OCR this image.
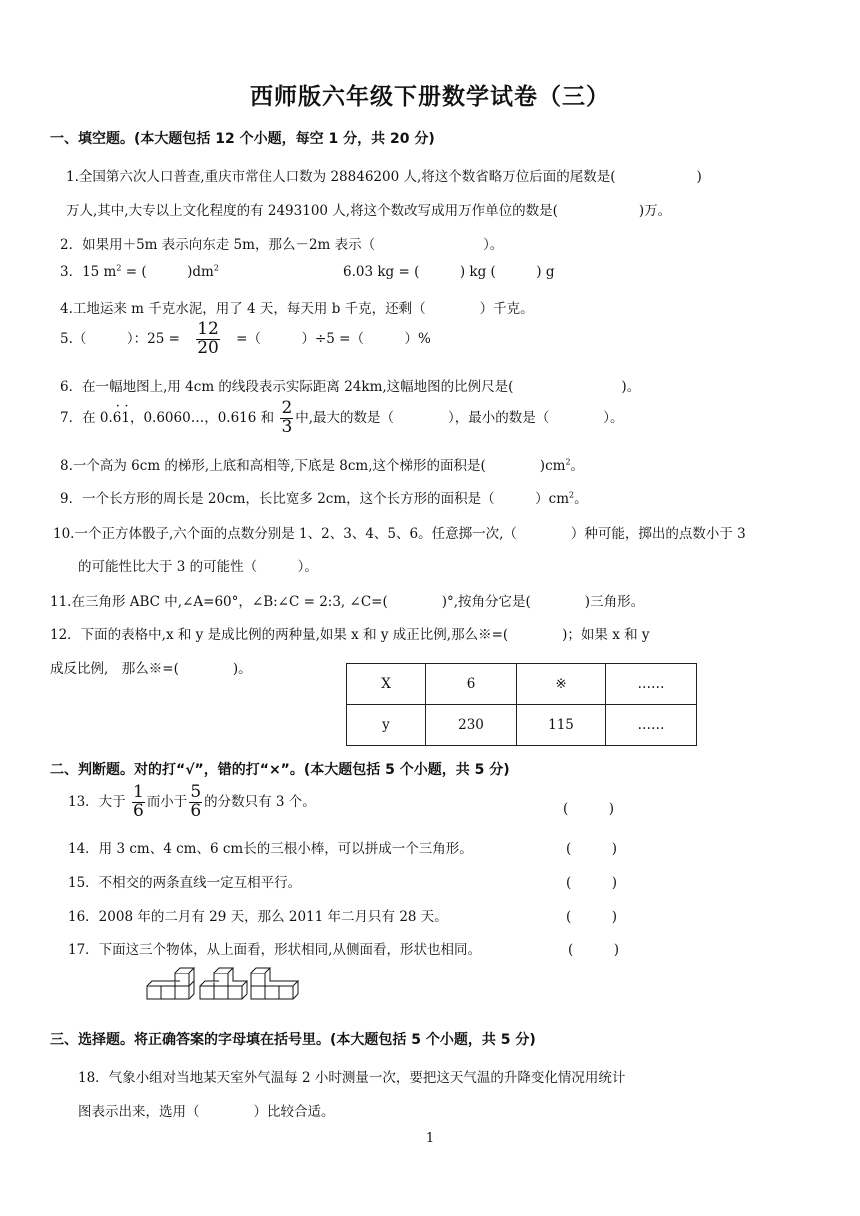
西师版六年级下册数学试卷（三）
一、填空题。(本大题包括 12 个小题，每空 1 分，共 20 分)
1.全国第六次人口普查,重庆市常住人口数为 28846200 人,将这个数省略万位后面的尾数是(　　　　　　)
万人,其中,大专以上文化程度的有 2493100 人,将这个数改写成用万作单位的数是(　　　　　　)万。
2．如果用＋5m 表示向东走 5m，那么－2m 表示（　　　　　　　　）。
3．15 $m^2$ = (　　　)$dm^2$	6.03 kg = (　　　) kg (　　　) g
4.工地运来 m 千克水泥，用了 4 天，每天用 b 千克，还剩（　　　　）千克。
5.（　　　）：$25 = \frac{12}{20}$ =（　　　）÷5 =（　　　）%
6．在一幅地图上,用 4cm 的线段表示实际距离 24km,这幅地图的比例尺是(　　　　　　　　)。
7．在 0.· 6· 1，0.6060…，0.616 和 $\frac{2}{3}$ 中,最大的数是（　　　　），最小的数是（　　　　）。
8.一个高为 6cm 的梯形,上底和高相等,下底是 8cm,这个梯形的面积是(　　　　)$cm^2$。
9．一个长方形的周长是 20cm，长比宽多 2cm，这个长方形的面积是（　　　）$cm^2$。
10.一个正方体骰子,六个面的点数分别是 1、2、3、4、5、6。任意掷一次,（　　　　）种可能，掷出的点数小于 3
的可能性比大于 3 的可能性（　　　）。
11.在三角形 ABC 中,∠A=60°，∠B:∠C = 2:3, ∠C=(　　　　)°,按角分它是(　　　　)三角形。
12．下面的表格中,x 和 y 是成比例的两种量,如果 x 和 y 成正比例,那么※=(　　　　)；如果 x 和 y
成反比例,　那么※=(　　　　)。
X	6	※	……
y	230	115	……
二、判断题。对的打“√”，错的打“×”。(本大题包括 5 个小题，共 5 分)
13．大于 $\frac{1}{6}$ 而小于 $\frac{5}{6}$ 的分数只有 3 个。	(　　　)
14．用 3 cm、4 cm、6 cm长的三根小棒，可以拼成一个三角形。	(　　　)
15．不相交的两条直线一定互相平行。	(　　　)
16．2008 年的二月有 29 天，那么 2011 年二月只有 28 天。	(　　　)
17．下面这三个物体，从上面看，形状相同,从侧面看，形状也相同。	(　　　)
三、选择题。将正确答案的字母填在括号里。(本大题包括 5 个小题，共 5 分)
18．气象小组对当地某天室外气温每 2 小时测量一次，要把这天气温的升降变化情况用统计
图表示出来，选用（　　　　）比较合适。
1
